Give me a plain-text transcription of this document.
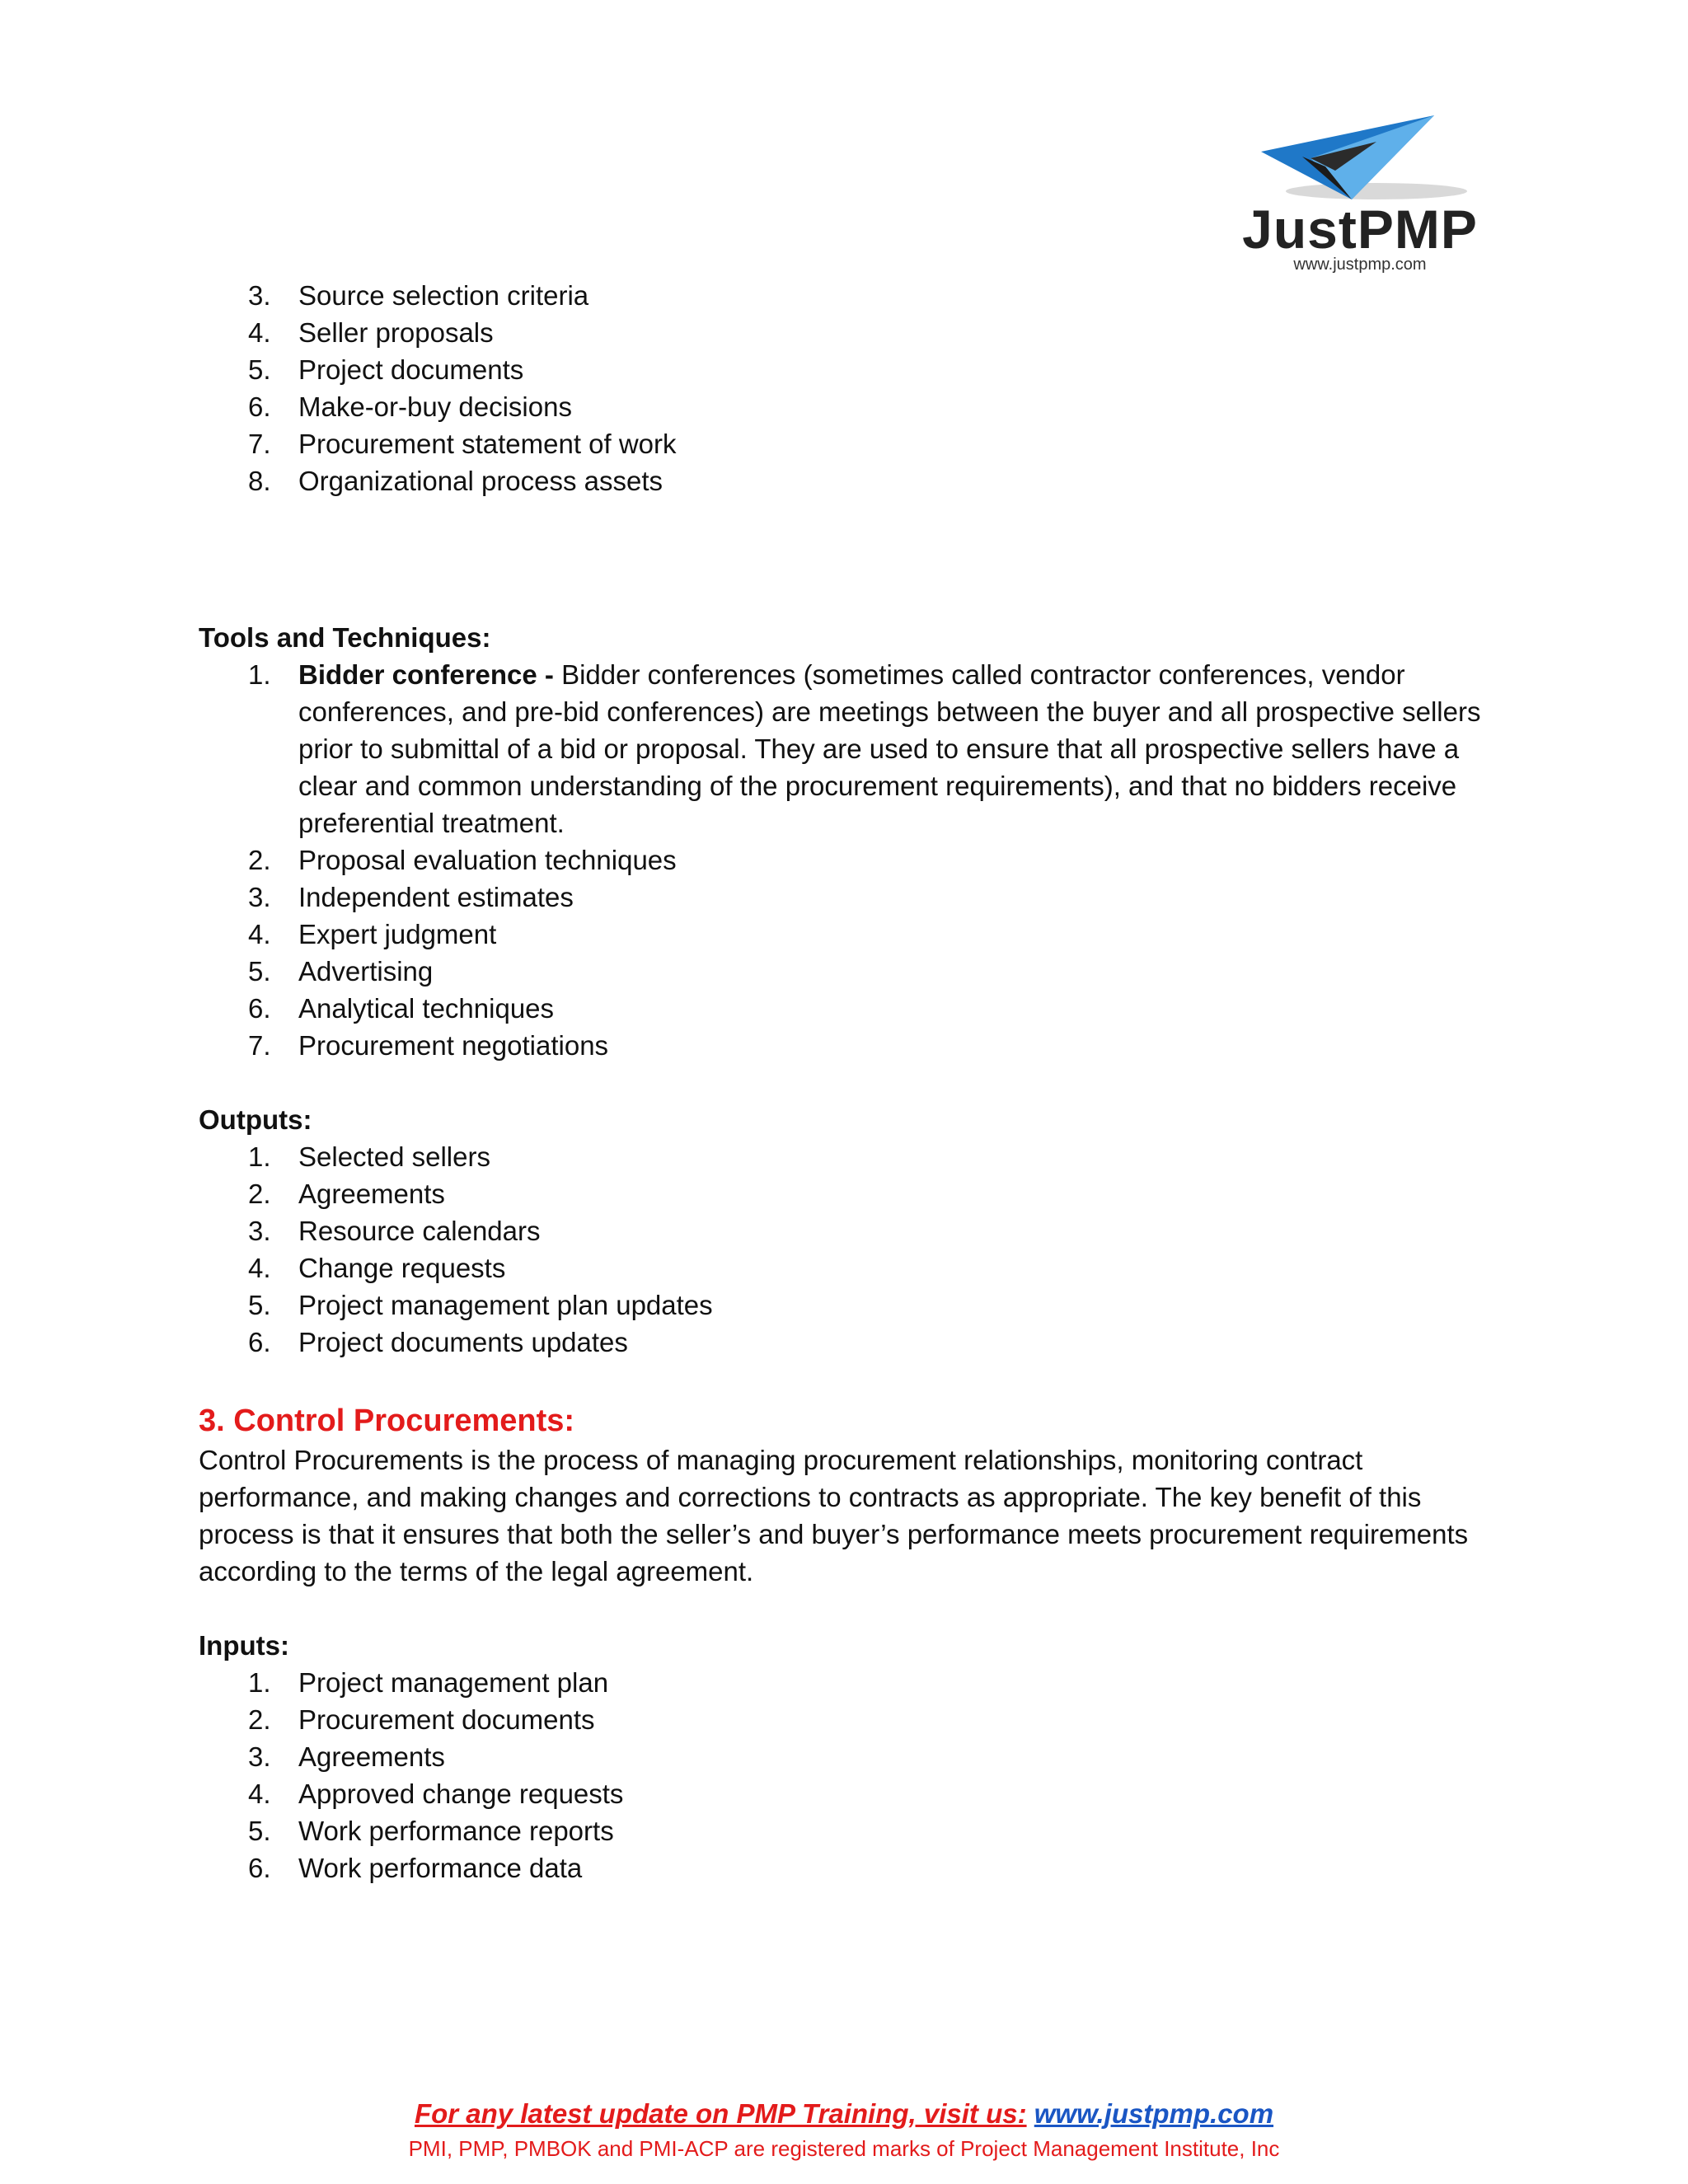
JustPMP
www.justpmp.com
3. Source selection criteria
4. Seller proposals
5. Project documents
6. Make-or-buy decisions
7. Procurement statement of work
8. Organizational process assets
Tools and Techniques:
1. Bidder conference - Bidder conferences (sometimes called contractor conferences, vendor conferences, and pre-bid conferences) are meetings between the buyer and all prospective sellers prior to submittal of a bid or proposal. They are used to ensure that all prospective sellers have a clear and common understanding of the procurement requirements), and that no bidders receive preferential treatment.
2. Proposal evaluation techniques
3. Independent estimates
4. Expert judgment
5. Advertising
6. Analytical techniques
7. Procurement negotiations
Outputs:
1. Selected sellers
2. Agreements
3. Resource calendars
4. Change requests
5. Project management plan updates
6. Project documents updates
3. Control Procurements:

Control Procurements is the process of managing procurement relationships, monitoring contract performance, and making changes and corrections to contracts as appropriate. The key benefit of this process is that it ensures that both the seller’s and buyer’s performance meets procurement requirements according to the terms of the legal agreement.

Inputs:
1. Project management plan
2. Procurement documents
3. Agreements
4. Approved change requests
5. Work performance reports
6. Work performance data
For any latest update on PMP Training, visit us: www.justpmp.com
PMI, PMP, PMBOK and PMI-ACP are registered marks of Project Management Institute, Inc
